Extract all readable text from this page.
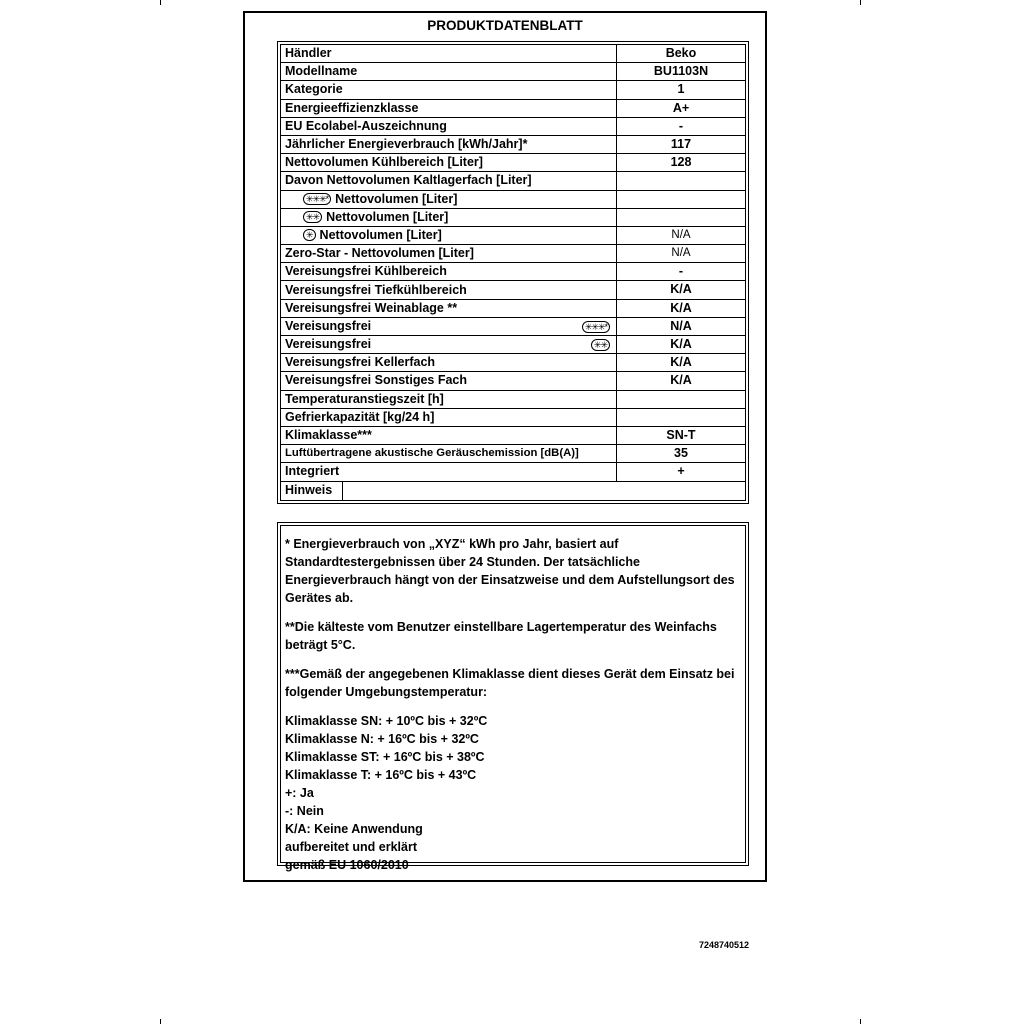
PRODUKTDATENBLATT
Händler	Beko
Modellname	BU1103N
Kategorie	1
Energieeffizienzklasse	A+
EU Ecolabel-Auszeichnung	-
Jährlicher Energieverbrauch [kWh/Jahr]*	117
Nettovolumen Kühlbereich [Liter]	128
Davon Nettovolumen Kaltlagerfach [Liter]
✳✳✳* Nettovolumen [Liter]
✳✳ Nettovolumen [Liter]
✳ Nettovolumen [Liter]	N/A
Zero-Star - Nettovolumen [Liter]	N/A
Vereisungsfrei Kühlbereich	-
Vereisungsfrei Tiefkühlbereich	K/A
Vereisungsfrei Weinablage **	K/A
Vereisungsfrei	✳✳✳*	N/A
Vereisungsfrei	✳✳	K/A
Vereisungsfrei Kellerfach	K/A
Vereisungsfrei Sonstiges Fach	K/A
Temperaturanstiegszeit [h]
Gefrierkapazität [kg/24 h]
Klimaklasse***	SN-T
Luftübertragene akustische Geräuschemission [dB(A)]	35
Integriert	+
Hinweis

* Energieverbrauch von „XYZ“ kWh pro Jahr, basiert auf Standardtestergebnissen über 24 Stunden. Der tatsächliche Energieverbrauch hängt von der Einsatzweise und dem Aufstellungsort des Gerätes ab.

**Die kälteste vom Benutzer einstellbare Lagertemperatur des Weinfachs beträgt 5°C.

***Gemäß der angegebenen Klimaklasse dient dieses Gerät dem Einsatz bei folgender Umgebungstemperatur:

Klimaklasse SN: + 10ºC bis + 32ºC
Klimaklasse N: + 16ºC bis + 32ºC
Klimaklasse ST: + 16ºC bis + 38ºC
Klimaklasse T: + 16ºC bis + 43ºC
+: Ja
-: Nein
K/A: Keine Anwendung
aufbereitet und erklärt
gemäß EU 1060/2010
7248740512
